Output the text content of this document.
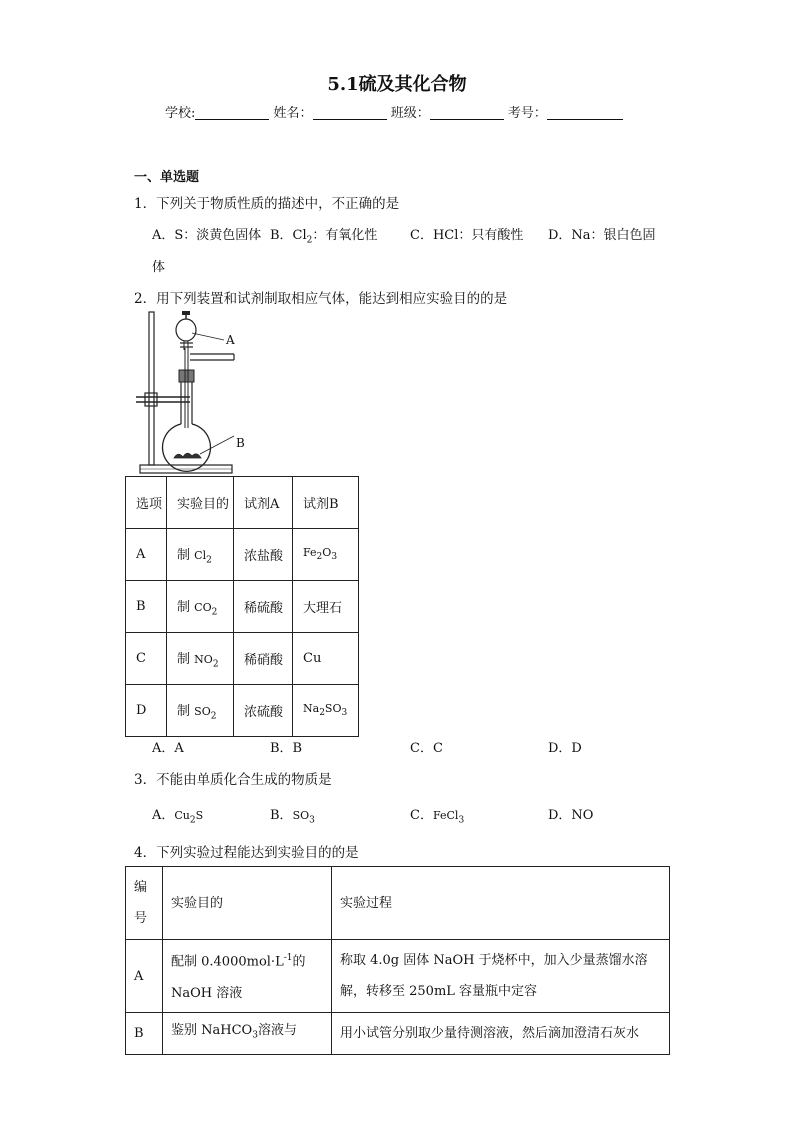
5.1硫及其化合物
学校:	姓名：	班级：	考号：
一、单选题
1．下列关于物质性质的描述中，不正确的是
A．S：淡黄色固体 B．$Cl_2$：有氧化性	C．HCl：只有酸性 D．Na：银白色固
体
2．用下列装置和试剂制取相应气体，能达到相应实验目的的是
A
B
选项	实验目的	试剂A	试剂B
A	制 $Cl_2$	浓盐酸	$Fe_2O_3$
B	制 $CO_2$	稀硫酸	大理石
C	制 $NO_2$	稀硝酸	Cu
D	制 $SO_2$	浓硫酸	$Na_2SO_3$
A．A	B．B	C．C	D．D
3．不能由单质化合生成的物质是
A．$Cu_2S$	B．$SO_3$	C．FeCl$_3$	D．NO
4．下列实验过程能达到实验目的的是
编
号	实验目的	实验过程
A	配制 $0.4000mol\cdot L^{-1}$的
NaOH 溶液	称取 4.0g 固体 NaOH 于烧杯中，加入少量蒸馏水溶
解，转移至 250mL 容量瓶中定容
B	鉴别 NaHCO$_3$溶液与	用小试管分别取少量待测溶液，然后滴加澄清石灰水
